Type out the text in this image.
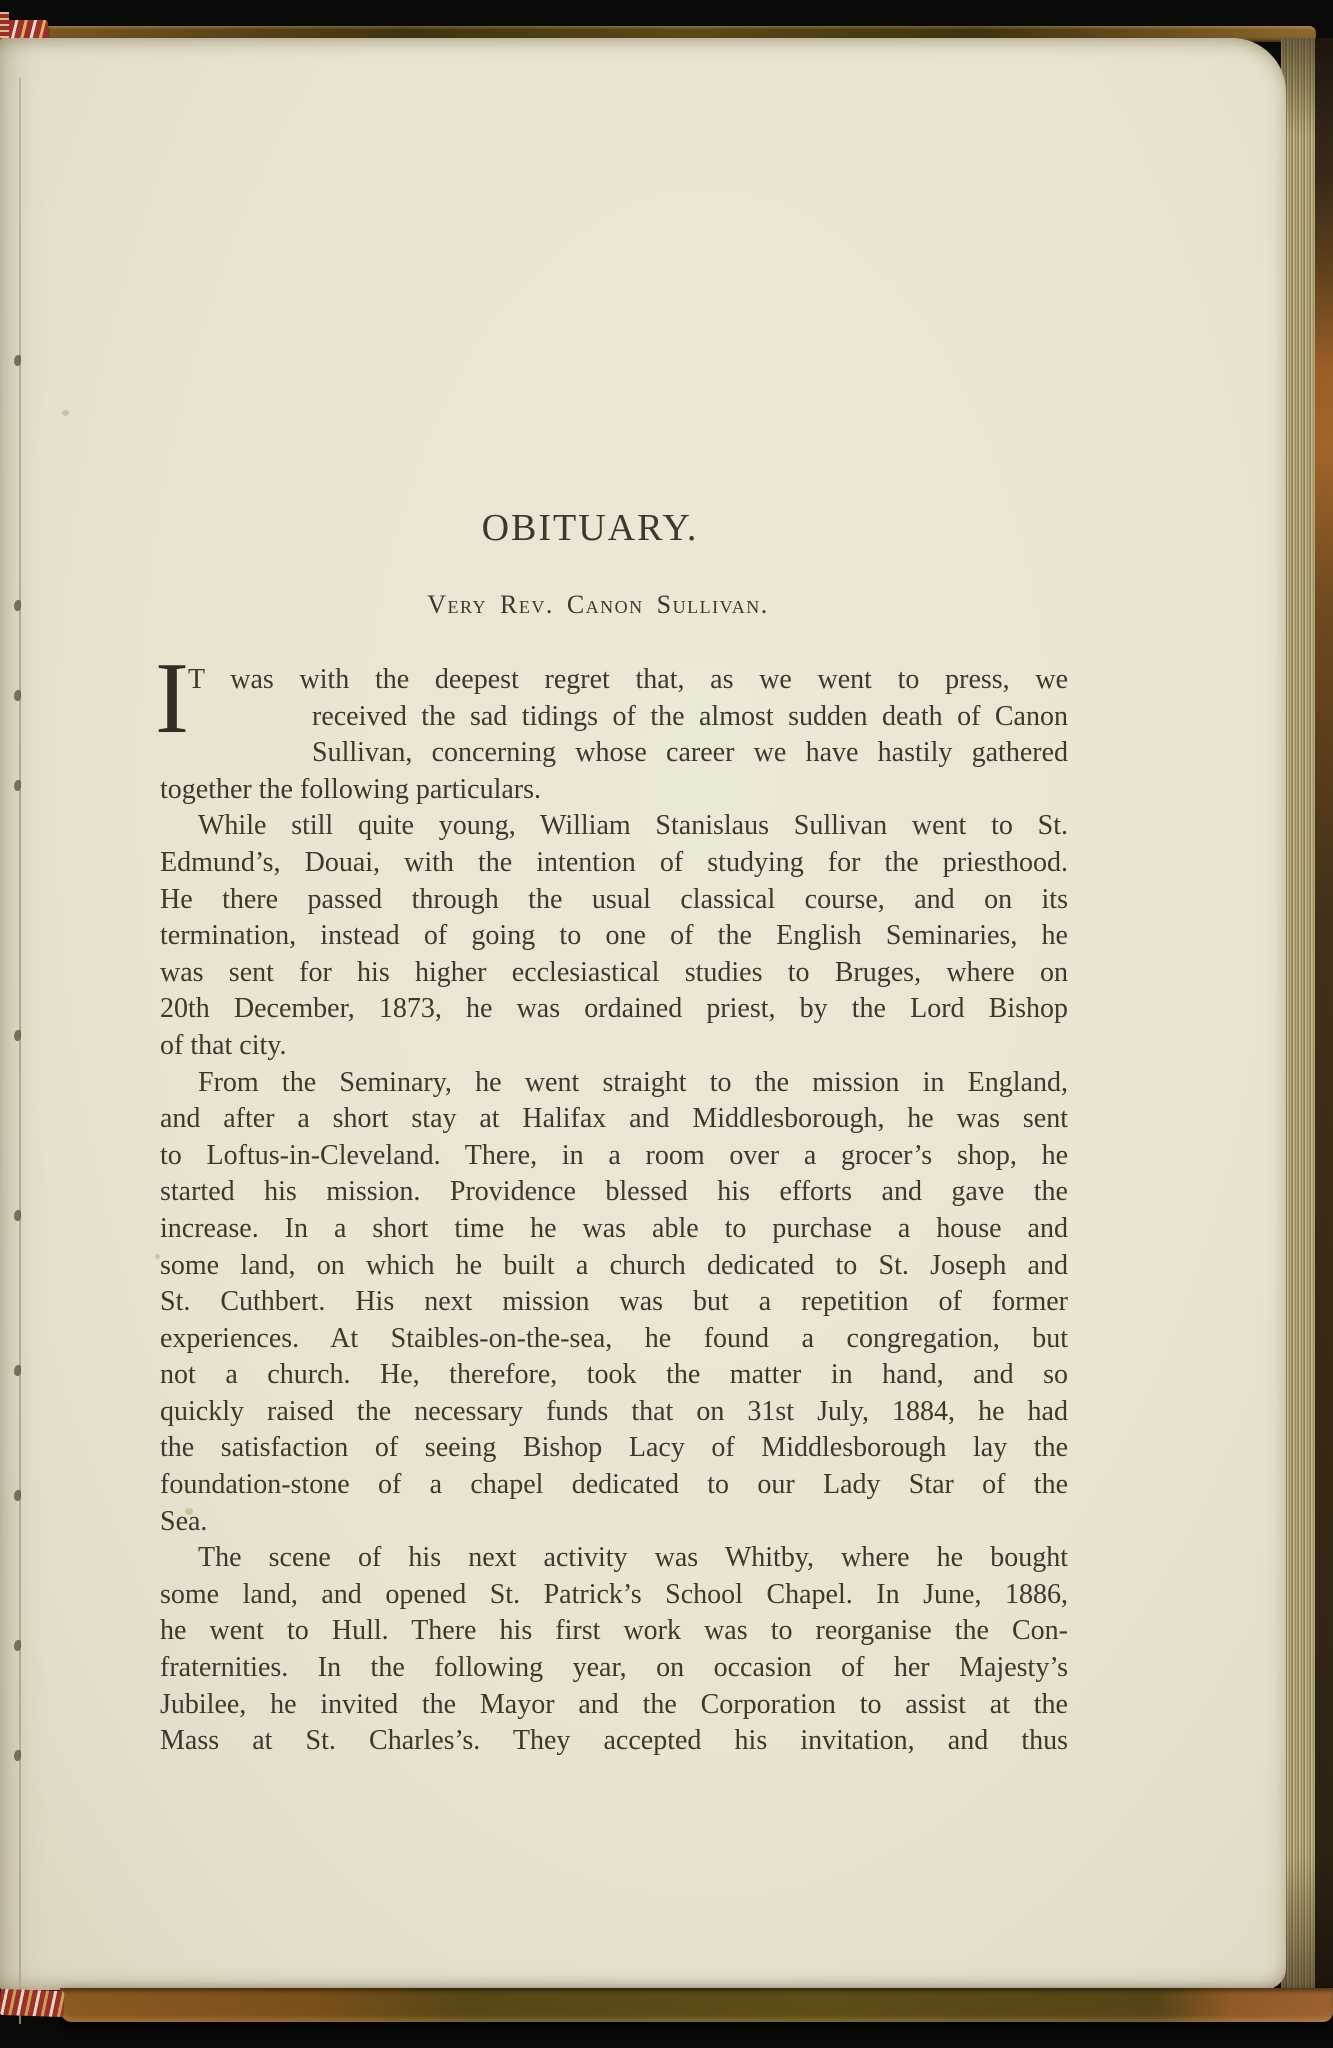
OBITUARY.
Very Rev. Canon Sullivan.
I T was with the deepest regret that, as we went to press, we
received the sad tidings of the almost sudden death of Canon
Sullivan, concerning whose career we have hastily gathered
together the following particulars.
While still quite young, William Stanislaus Sullivan went to St.
Edmund’s, Douai, with the intention of studying for the priesthood.
He there passed through the usual classical course, and on its
termination, instead of going to one of the English Seminaries, he
was sent for his higher ecclesiastical studies to Bruges, where on
20th December, 1873, he was ordained priest, by the Lord Bishop
of that city.
From the Seminary, he went straight to the mission in England,
and after a short stay at Halifax and Middlesborough, he was sent
to Loftus-in-Cleveland. There, in a room over a grocer’s shop, he
started his mission. Providence blessed his efforts and gave the
increase. In a short time he was able to purchase a house and
some land, on which he built a church dedicated to St. Joseph and
St. Cuthbert. His next mission was but a repetition of former
experiences. At Staibles-on-the-sea, he found a congregation, but
not a church. He, therefore, took the matter in hand, and so
quickly raised the necessary funds that on 31st July, 1884, he had
the satisfaction of seeing Bishop Lacy of Middlesborough lay the
foundation-stone of a chapel dedicated to our Lady Star of the
Sea.
The scene of his next activity was Whitby, where he bought
some land, and opened St. Patrick’s School Chapel. In June, 1886,
he went to Hull. There his first work was to reorganise the Con-
fraternities. In the following year, on occasion of her Majesty’s
Jubilee, he invited the Mayor and the Corporation to assist at the
Mass at St. Charles’s. They accepted his invitation, and thus
